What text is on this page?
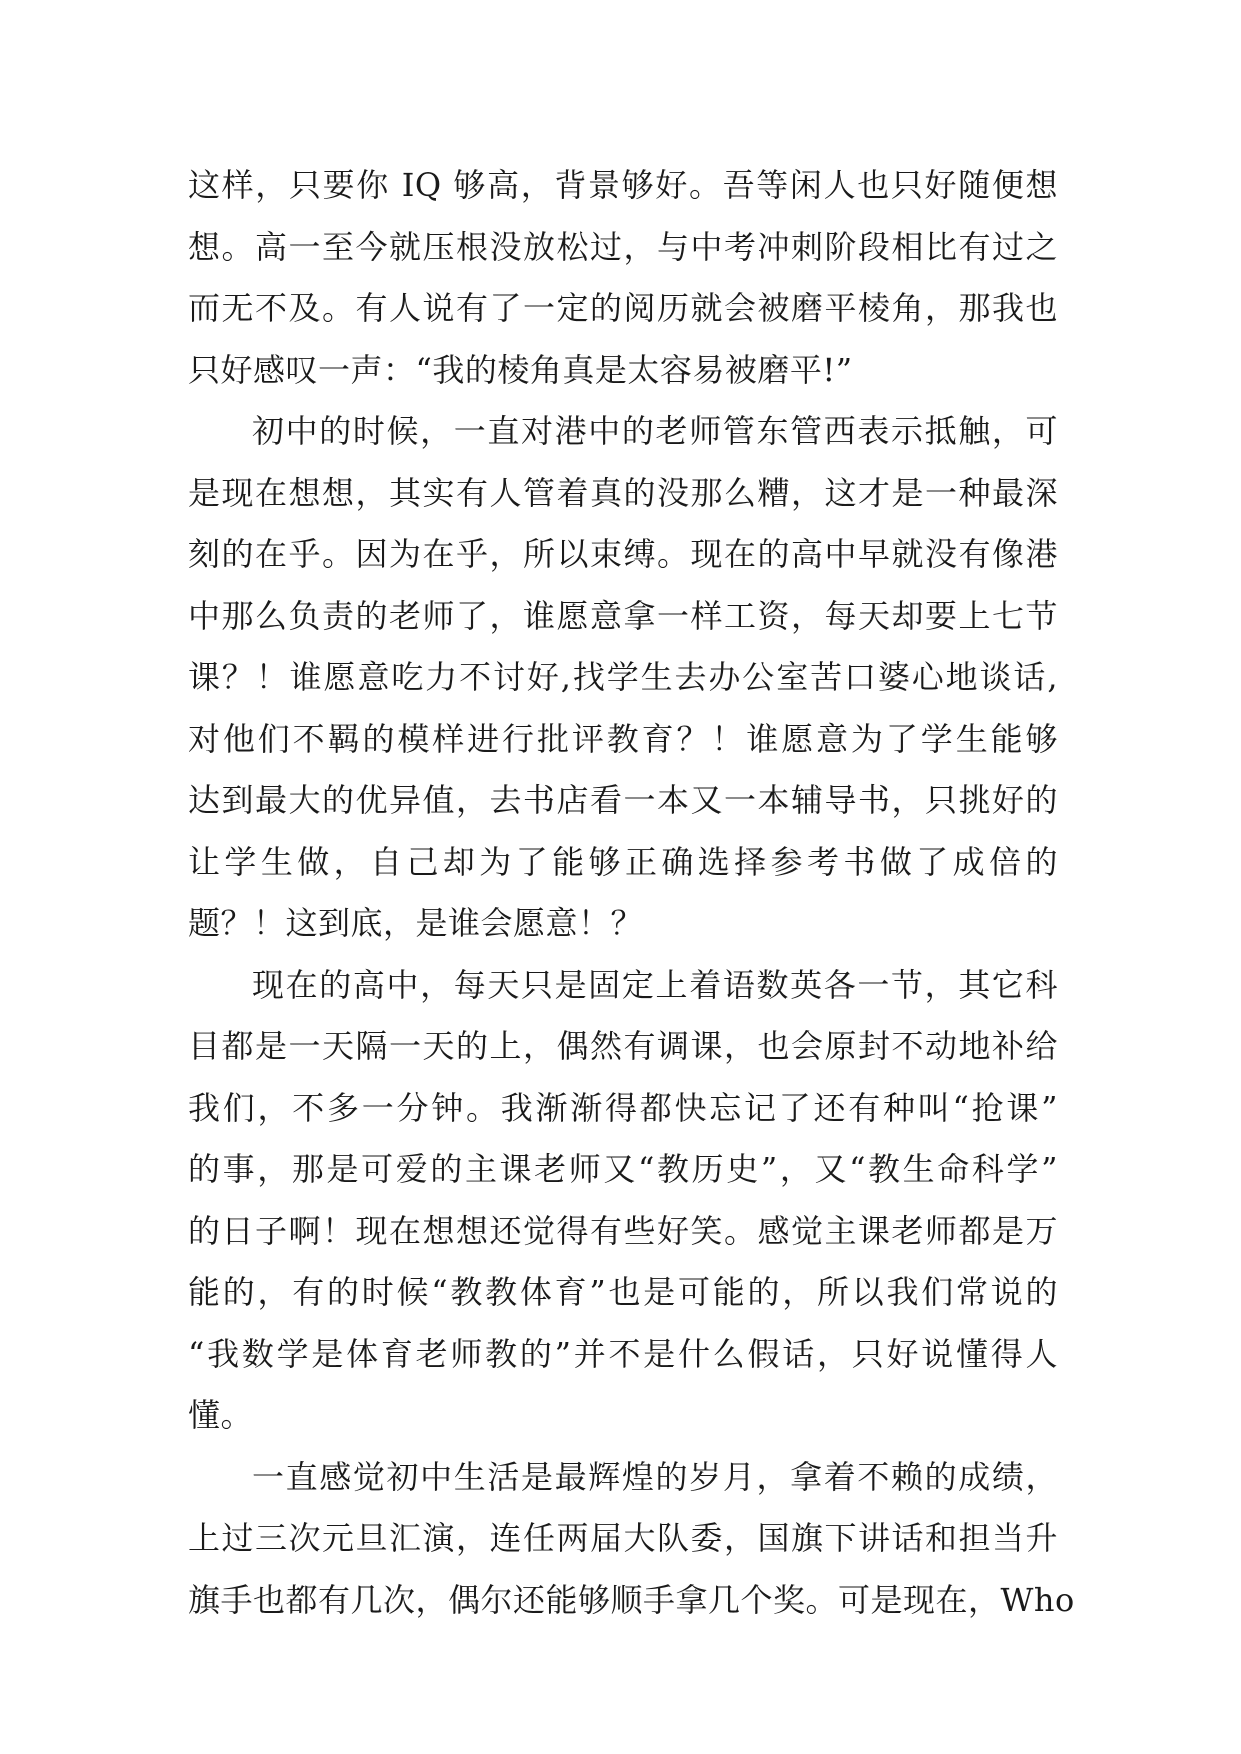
这样，只要你 IQ 够高，背景够好。吾等闲人也只好随便想
想。高一至今就压根没放松过，与中考冲刺阶段相比有过之
而无不及。有人说有了一定的阅历就会被磨平棱角，那我也
只好感叹一声：“我的棱角真是太容易被磨平!”
初中的时候，一直对港中的老师管东管西表示抵触，可
是现在想想，其实有人管着真的没那么糟，这才是一种最深
刻的在乎。因为在乎，所以束缚。现在的高中早就没有像港
中那么负责的老师了，谁愿意拿一样工资，每天却要上七节
课？！谁愿意吃力不讨好,找学生去办公室苦口婆心地谈话,
对他们不羁的模样进行批评教育？！谁愿意为了学生能够
达到最大的优异值，去书店看一本又一本辅导书，只挑好的
让学生做，自己却为了能够正确选择参考书做了成倍的
题？！这到底，是谁会愿意！？
现在的高中，每天只是固定上着语数英各一节，其它科
目都是一天隔一天的上，偶然有调课，也会原封不动地补给
我们，不多一分钟。我渐渐得都快忘记了还有种叫“抢课”
的事，那是可爱的主课老师又“教历史”，又“教生命科学”
的日子啊！现在想想还觉得有些好笑。感觉主课老师都是万
能的，有的时候“教教体育”也是可能的，所以我们常说的
“我数学是体育老师教的”并不是什么假话，只好说懂得人
懂。
一直感觉初中生活是最辉煌的岁月，拿着不赖的成绩，
上过三次元旦汇演，连任两届大队委，国旗下讲话和担当升
旗手也都有几次，偶尔还能够顺手拿几个奖。可是现在，Who
